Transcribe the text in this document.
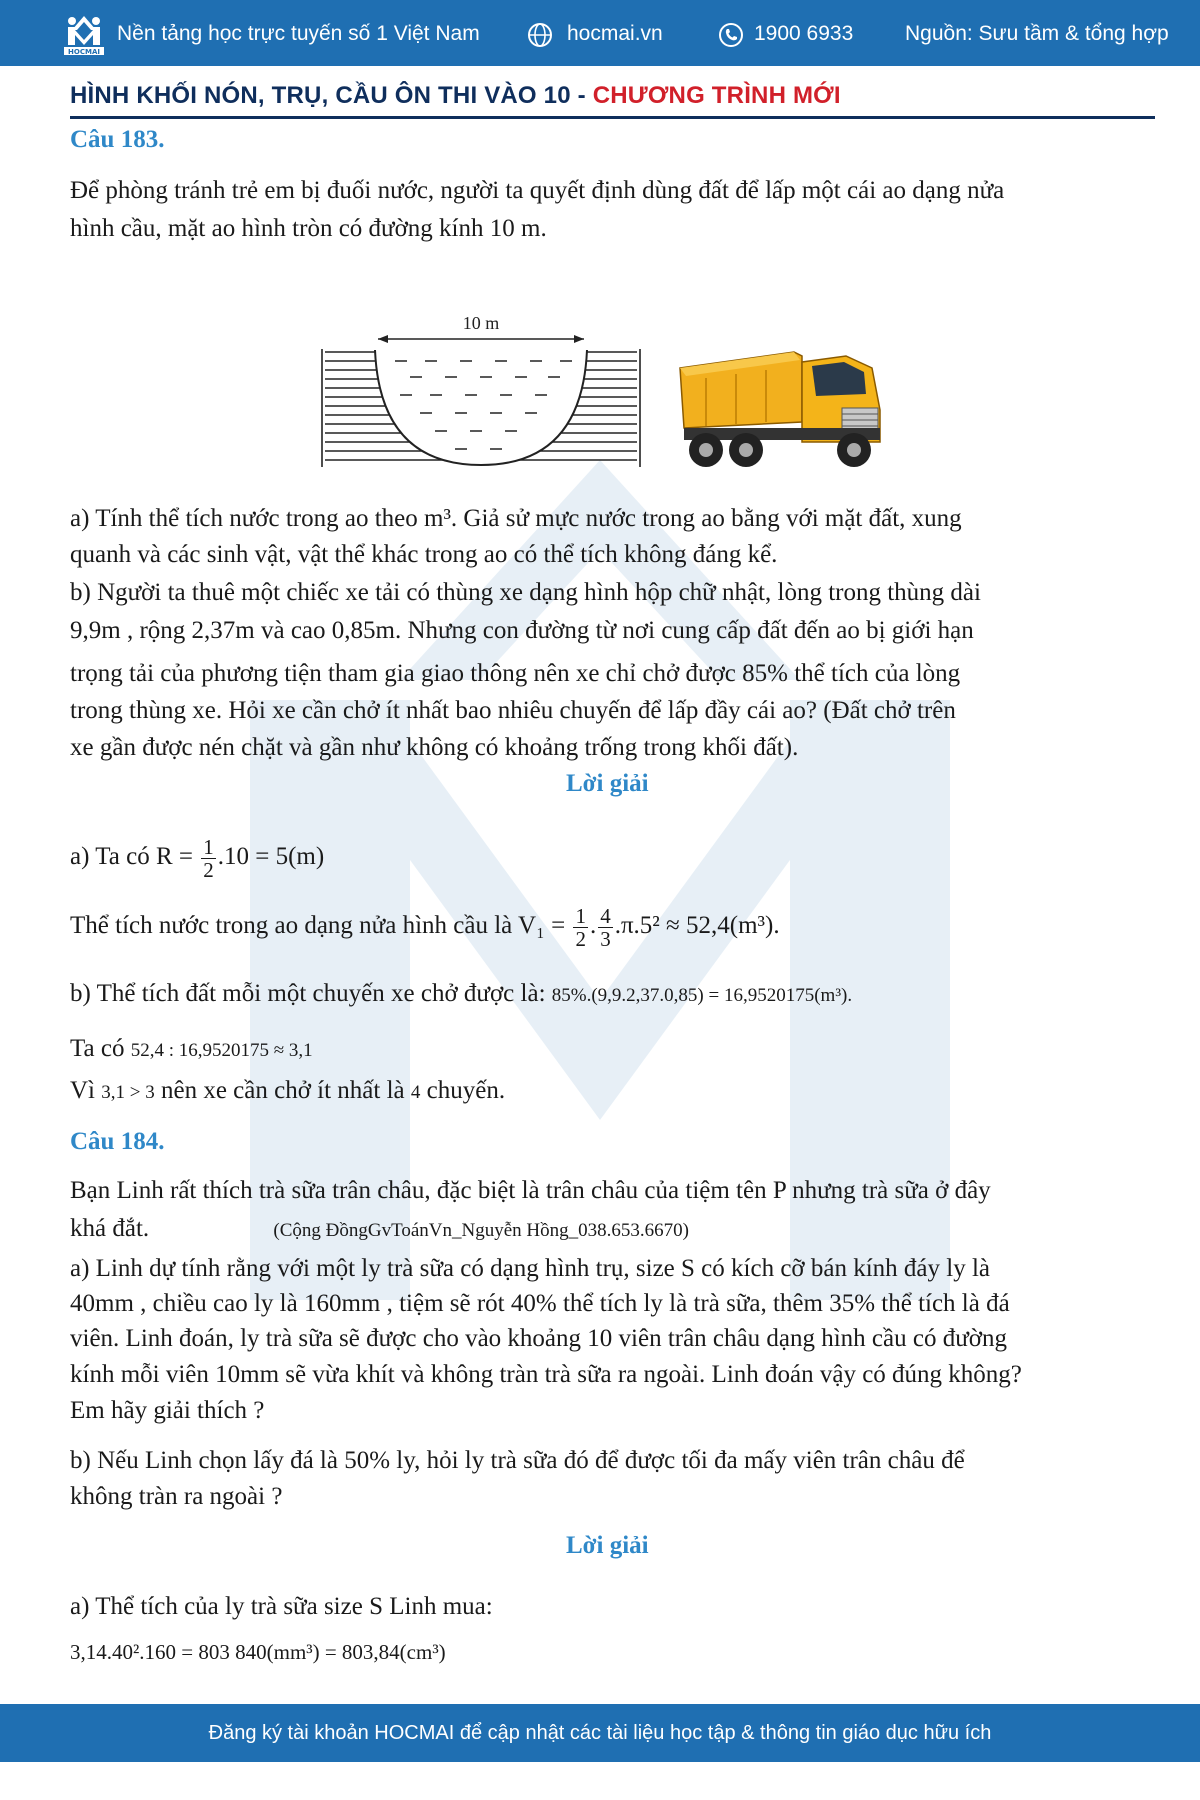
HOCMAI
Nền tảng học trực tuyến số 1 Việt Nam	hocmai.vn	1900 6933 Nguồn: Sưu tầm & tổng hợp
HÌNH KHỐI NÓN, TRỤ, CẦU ÔN THI VÀO 10 - CHƯƠNG TRÌNH MỚI
Câu 183.
Để phòng tránh trẻ em bị đuối nước, người ta quyết định dùng đất để lấp một cái ao dạng nửa
hình cầu, mặt ao hình tròn có đường kính 10 m.
10 m
a) Tính thể tích nước trong ao theo m³. Giả sử mực nước trong ao bằng với mặt đất, xung
quanh và các sinh vật, vật thể khác trong ao có thể tích không đáng kể.
b) Người ta thuê một chiếc xe tải có thùng xe dạng hình hộp chữ nhật, lòng trong thùng dài
9,9m , rộng 2,37m và cao 0,85m. Nhưng con đường từ nơi cung cấp đất đến ao bị giới hạn
trọng tải của phương tiện tham gia giao thông nên xe chỉ chở được 85% thể tích của lòng
trong thùng xe. Hỏi xe cần chở ít nhất bao nhiêu chuyến để lấp đầy cái ao? (Đất chở trên
xe gần được nén chặt và gần như không có khoảng trống trong khối đất).
Lời giải
a) Ta có $R = \frac{1}{2} .10 = 5(m)$
Thể tích nước trong ao dạng nửa hình cầu là $V_1 = \frac{1}{2}$ . $\frac{4}{3} .\pi.5^2 \approx 52,4(m^3)$.
b) Thể tích đất mỗi một chuyến xe chở được là: 85%.(9,9.2,37.0,85) = 16,9520175(m³).
Ta có 52,4 : 16,9520175 ≈ 3,1
Vì 3,1 > 3 nên xe cần chở ít nhất là 4 chuyến.
Câu 184.
Bạn Linh rất thích trà sữa trân châu, đặc biệt là trân châu của tiệm tên P nhưng trà sữa ở đây
khá đắt.	(Cộng ĐồngGvToánVn_Nguyễn Hồng_038.653.6670)
a) Linh dự tính rằng với một ly trà sữa có dạng hình trụ, size S có kích cỡ bán kính đáy ly là
40mm , chiều cao ly là 160mm , tiệm sẽ rót 40% thể tích ly là trà sữa, thêm 35% thể tích là đá
viên. Linh đoán, ly trà sữa sẽ được cho vào khoảng 10 viên trân châu dạng hình cầu có đường
kính mỗi viên 10mm sẽ vừa khít và không tràn trà sữa ra ngoài. Linh đoán vậy có đúng không?
Em hãy giải thích ?
b) Nếu Linh chọn lấy đá là 50% ly, hỏi ly trà sữa đó để được tối đa mấy viên trân châu để
không tràn ra ngoài ?
Lời giải
a) Thể tích của ly trà sữa size S Linh mua:
3,14.40².160 = 803 840(mm³) = 803,84(cm³)
Đăng ký tài khoản HOCMAI để cập nhật các tài liệu học tập & thông tin giáo dục hữu ích
